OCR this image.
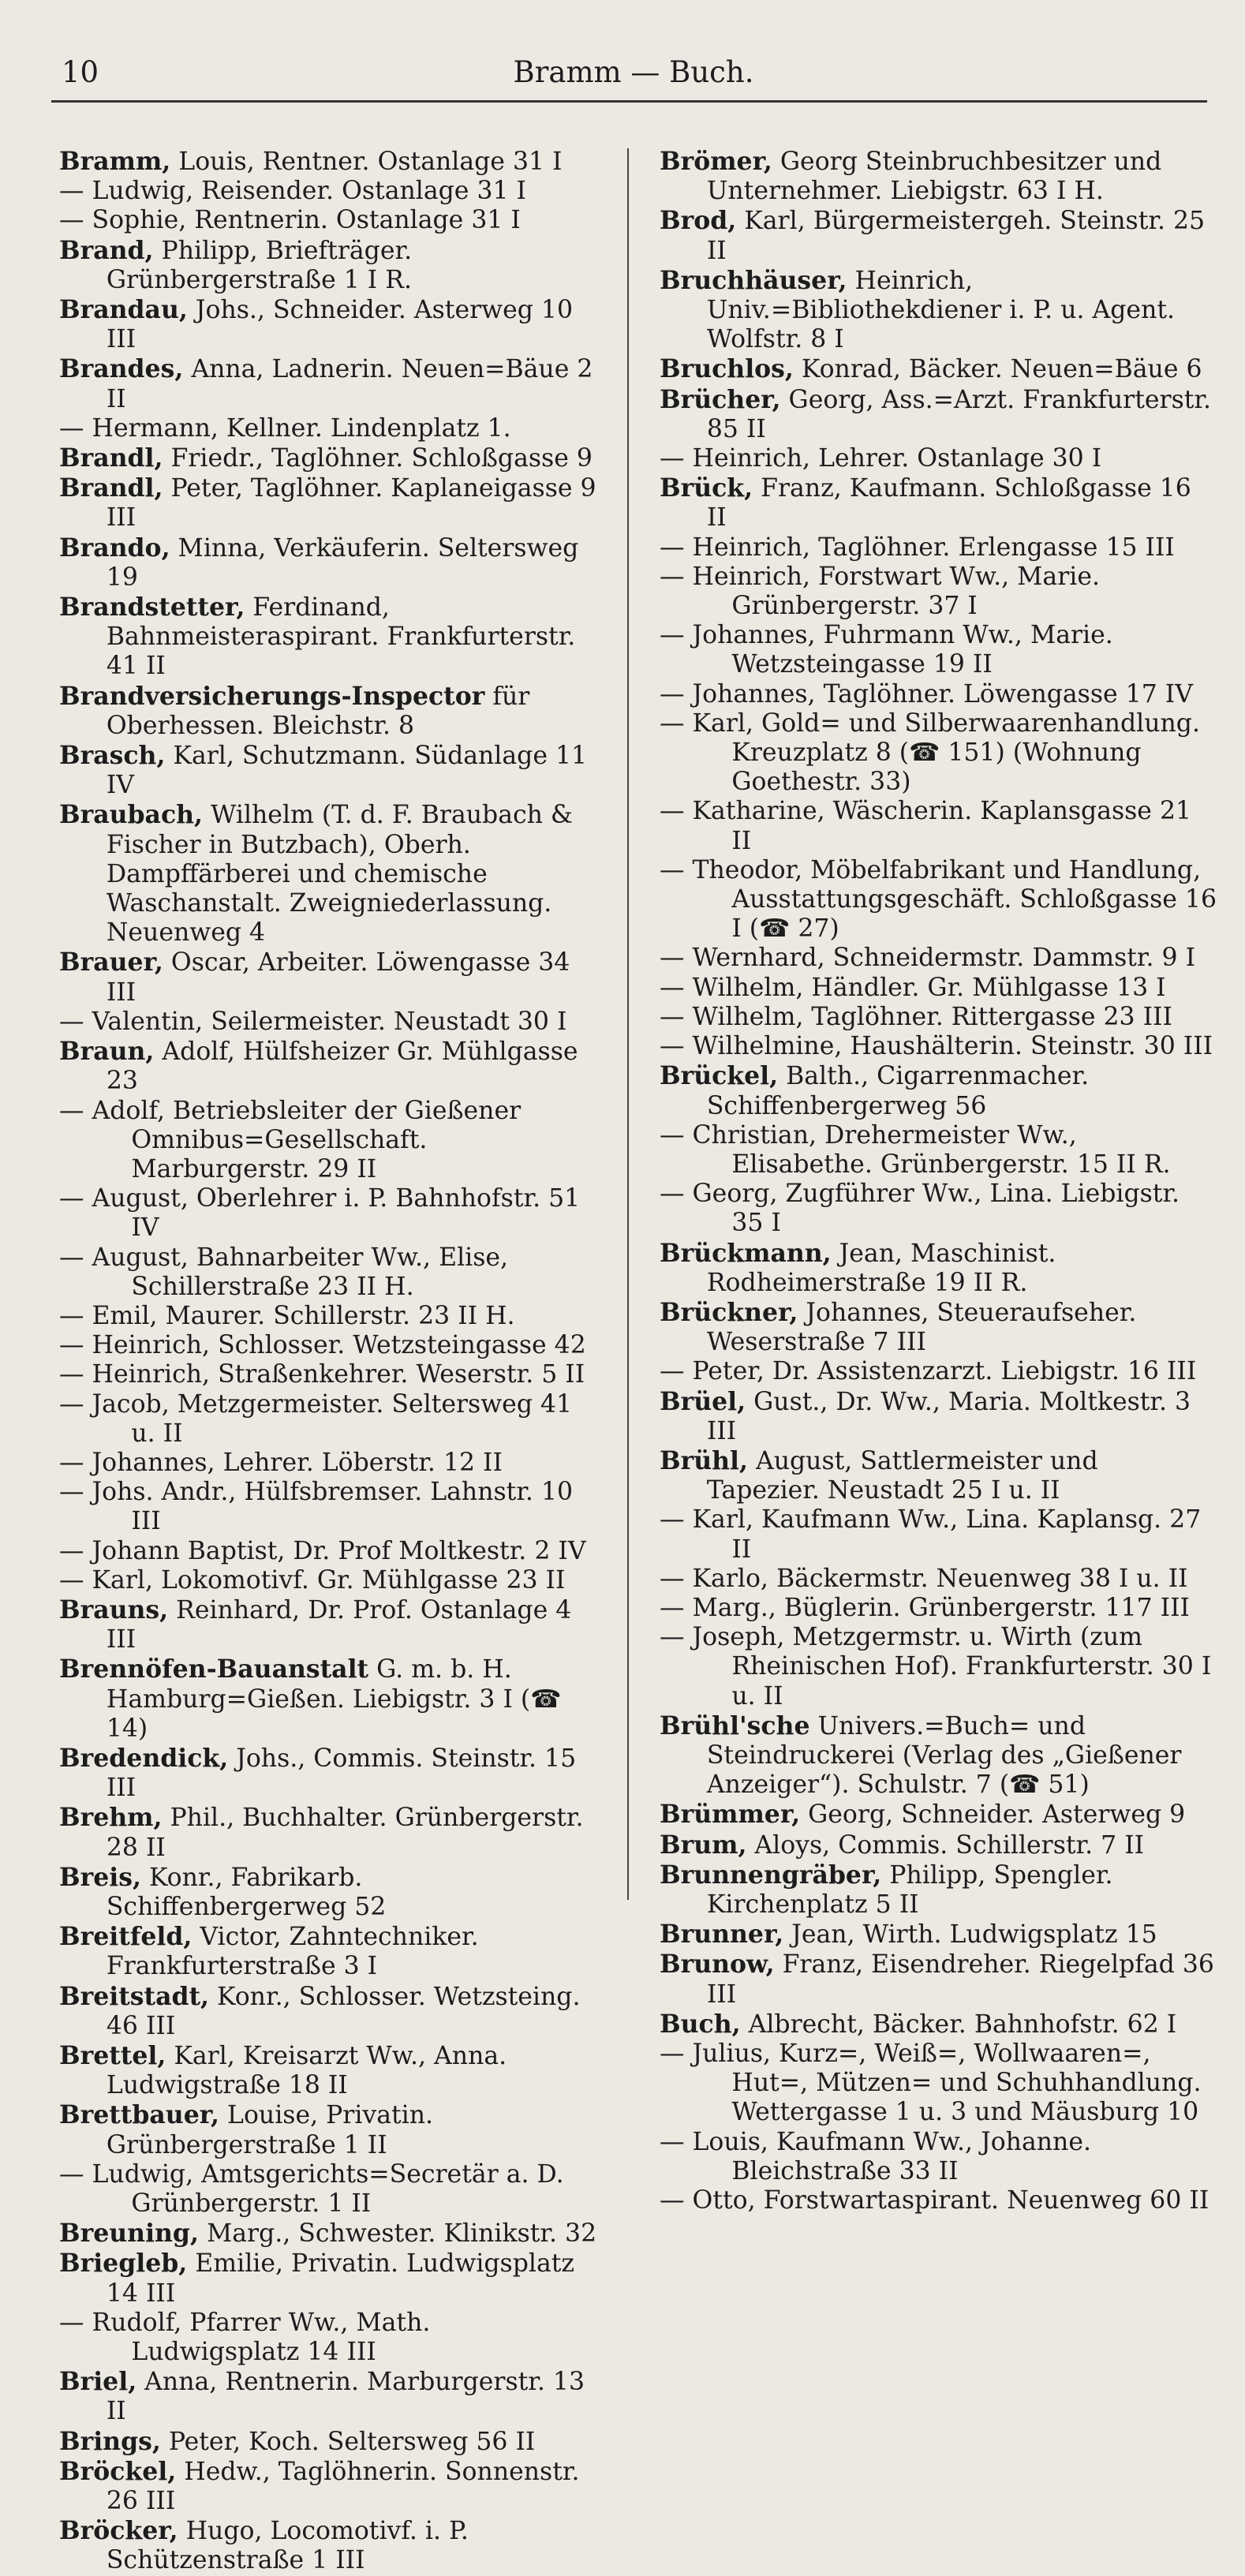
10	Bramm — Buch.
Bramm, Louis, Rentner. Ostanlage 31 I
— Ludwig, Reisender. Ostanlage 31 I
— Sophie, Rentnerin. Ostanlage 31 I
Brand, Philipp, Briefträger. Grünbergerstraße 1 I R.
Brandau, Johs., Schneider. Asterweg 10 III
Brandes, Anna, Ladnerin. Neuen=Bäue 2 II
— Hermann, Kellner. Lindenplatz 1.
Brandl, Friedr., Taglöhner. Schloßgasse 9
Brandl, Peter, Taglöhner. Kaplaneigasse 9 III
Brando, Minna, Verkäuferin. Seltersweg 19
Brandstetter, Ferdinand, Bahnmeisteraspirant. Frankfurterstr. 41 II
Brandversicherungs-Inspector für Oberhessen. Bleichstr. 8
Brasch, Karl, Schutzmann. Südanlage 11 IV
Braubach, Wilhelm (T. d. F. Braubach & Fischer in Butzbach), Oberh. Dampffärberei und chemische Waschanstalt. Zweigniederlassung. Neuenweg 4
Brauer, Oscar, Arbeiter. Löwengasse 34 III
— Valentin, Seilermeister. Neustadt 30 I
Braun, Adolf, Hülfsheizer Gr. Mühlgasse 23
— Adolf, Betriebsleiter der Gießener Omnibus=Gesellschaft. Marburgerstr. 29 II
— August, Oberlehrer i. P. Bahnhofstr. 51 IV
— August, Bahnarbeiter Ww., Elise, Schillerstraße 23 II H.
— Emil, Maurer. Schillerstr. 23 II H.
— Heinrich, Schlosser. Wetzsteingasse 42
— Heinrich, Straßenkehrer. Weserstr. 5 II
— Jacob, Metzgermeister. Seltersweg 41 u. II
— Johannes, Lehrer. Löberstr. 12 II
— Johs. Andr., Hülfsbremser. Lahnstr. 10 III
— Johann Baptist, Dr. Prof Moltkestr. 2 IV
— Karl, Lokomotivf. Gr. Mühlgasse 23 II
Brauns, Reinhard, Dr. Prof. Ostanlage 4 III
Brennöfen-Bauanstalt G. m. b. H. Hamburg=Gießen. Liebigstr. 3 I (☎ 14)
Bredendick, Johs., Commis. Steinstr. 15 III
Brehm, Phil., Buchhalter. Grünbergerstr. 28 II
Breis, Konr., Fabrikarb. Schiffenbergerweg 52
Breitfeld, Victor, Zahntechniker. Frankfurterstraße 3 I
Breitstadt, Konr., Schlosser. Wetzsteing. 46 III
Brettel, Karl, Kreisarzt Ww., Anna. Ludwigstraße 18 II
Brettbauer, Louise, Privatin. Grünbergerstraße 1 II
— Ludwig, Amtsgerichts=Secretär a. D. Grünbergerstr. 1 II
Breuning, Marg., Schwester. Klinikstr. 32
Briegleb, Emilie, Privatin. Ludwigsplatz 14 III
— Rudolf, Pfarrer Ww., Math. Ludwigsplatz 14 III
Briel, Anna, Rentnerin. Marburgerstr. 13 II
Brings, Peter, Koch. Seltersweg 56 II
Bröckel, Hedw., Taglöhnerin. Sonnenstr. 26 III
Bröcker, Hugo, Locomotivf. i. P. Schützenstraße 1 III
Brömer, Georg Steinbruchbesitzer und Unternehmer. Liebigstr. 63 I H.
Brod, Karl, Bürgermeistergeh. Steinstr. 25 II
Bruchhäuser, Heinrich, Univ.=Bibliothekdiener i. P. u. Agent. Wolfstr. 8 I
Bruchlos, Konrad, Bäcker. Neuen=Bäue 6
Brücher, Georg, Ass.=Arzt. Frankfurterstr. 85 II
— Heinrich, Lehrer. Ostanlage 30 I
Brück, Franz, Kaufmann. Schloßgasse 16 II
— Heinrich, Taglöhner. Erlengasse 15 III
— Heinrich, Forstwart Ww., Marie. Grünbergerstr. 37 I
— Johannes, Fuhrmann Ww., Marie. Wetzsteingasse 19 II
— Johannes, Taglöhner. Löwengasse 17 IV
— Karl, Gold= und Silberwaarenhandlung. Kreuzplatz 8 (☎ 151) (Wohnung Goethestr. 33)
— Katharine, Wäscherin. Kaplansgasse 21 II
— Theodor, Möbelfabrikant und Handlung, Ausstattungsgeschäft. Schloßgasse 16 I (☎ 27)
— Wernhard, Schneidermstr. Dammstr. 9 I
— Wilhelm, Händler. Gr. Mühlgasse 13 I
— Wilhelm, Taglöhner. Rittergasse 23 III
— Wilhelmine, Haushälterin. Steinstr. 30 III
Brückel, Balth., Cigarrenmacher. Schiffenbergerweg 56
— Christian, Drehermeister Ww., Elisabethe. Grünbergerstr. 15 II R.
— Georg, Zugführer Ww., Lina. Liebigstr. 35 I
Brückmann, Jean, Maschinist. Rodheimerstraße 19 II R.
Brückner, Johannes, Steueraufseher. Weserstraße 7 III
— Peter, Dr. Assistenzarzt. Liebigstr. 16 III
Brüel, Gust., Dr. Ww., Maria. Moltkestr. 3 III
Brühl, August, Sattlermeister und Tapezier. Neustadt 25 I u. II
— Karl, Kaufmann Ww., Lina. Kaplansg. 27 II
— Karlo, Bäckermstr. Neuenweg 38 I u. II
— Marg., Büglerin. Grünbergerstr. 117 III
— Joseph, Metzgermstr. u. Wirth (zum Rheinischen Hof). Frankfurterstr. 30 I u. II
Brühl'sche Univers.=Buch= und Steindruckerei (Verlag des „Gießener Anzeiger“). Schulstr. 7 (☎ 51)
Brümmer, Georg, Schneider. Asterweg 9
Brum, Aloys, Commis. Schillerstr. 7 II
Brunnengräber, Philipp, Spengler. Kirchenplatz 5 II
Brunner, Jean, Wirth. Ludwigsplatz 15
Brunow, Franz, Eisendreher. Riegelpfad 36 III
Buch, Albrecht, Bäcker. Bahnhofstr. 62 I
— Julius, Kurz=, Weiß=, Wollwaaren=, Hut=, Mützen= und Schuhhandlung. Wettergasse 1 u. 3 und Mäusburg 10
— Louis, Kaufmann Ww., Johanne. Bleichstraße 33 II
— Otto, Forstwartaspirant. Neuenweg 60 II
